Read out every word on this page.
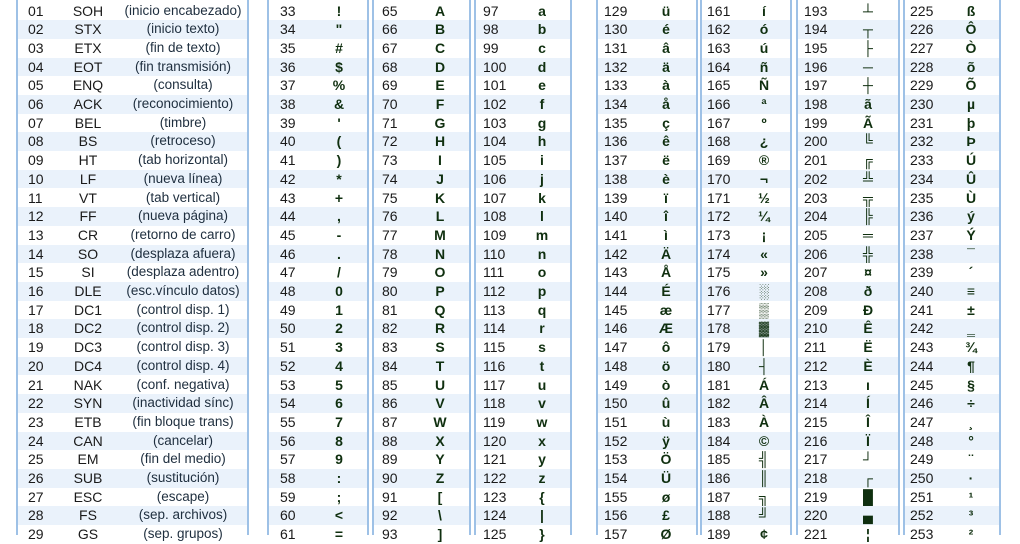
01	SOH	(inicio encabezado)
02	STX	(inicio texto)
03	ETX	(fin de texto)
04	EOT	(fin transmisión)
05	ENQ	(consulta)
06	ACK	(reconocimiento)
07	BEL	(timbre)
08	BS	(retroceso)
09	HT	(tab horizontal)
10	LF	(nueva línea)
11	VT	(tab vertical)
12	FF	(nueva página)
13	CR	(retorno de carro)
14	SO	(desplaza afuera)
15	SI	(desplaza adentro)
16	DLE	(esc.vínculo datos)
17	DC1	(control disp. 1)
18	DC2	(control disp. 2)
19	DC3	(control disp. 3)
20	DC4	(control disp. 4)
21	NAK	(conf. negativa)
22	SYN	(inactividad sínc)
23	ETB	(fin bloque trans)
24	CAN	(cancelar)
25	EM	(fin del medio)
26	SUB	(sustitución)
27	ESC	(escape)
28	FS	(sep. archivos)
29	GS	(sep. grupos)
33	!
34	"
35	#
36	$
37	%
38	&
39	'
40	(
41	)
42	*
43	+
44	,
45	-
46	.
47	/
48	0
49	1
50	2
51	3
52	4
53	5
54	6
55	7
56	8
57	9
58	:
59	;
60	<
61	=
65	A
66	B
67	C
68	D
69	E
70	F
71	G
72	H
73	I
74	J
75	K
76	L
77	M
78	N
79	O
80	P
81	Q
82	R
83	S
84	T
85	U
86	V
87	W
88	X
89	Y
90	Z
91	[
92	\
93	]
97	a
98	b
99	c
100	d
101	e
102	f
103	g
104	h
105	i
106	j
107	k
108	l
109	m
110	n
111	o
112	p
113	q
114	r
115	s
116	t
117	u
118	v
119	w
120	x
121	y
122	z
123	{
124	|
125	}
129	ü
130	é
131	â
132	ä
133	à
134	å
135	ç
136	ê
137	ë
138	è
139	ï
140	î
141	ì
142	Ä
143	Å
144	É
145	æ
146	Æ
147	ô
148	ö
149	ò
150	û
151	ù
152	ÿ
153	Ö
154	Ü
155	ø
156	£
157	Ø
161	í
162	ó
163	ú
164	ñ
165	Ñ
166	ª
167	º
168	¿
169	®
170	¬
171	½
172	¼
173	¡
174	«
175	»
176	░
177	▒
178	▓
179	│
180	┤
181	Á
182	Â
183	À
184	©
185	╣
186	║
187	╗
188	╝
189	¢
193	┴
194	┬
195	├
196	─
197	┼
198	ã
199	Ã
200	╚
201	╔
202	╩
203	╦
204	╠
205	═
206	╬
207	¤
208	ð
209	Ð
210	Ê
211	Ë
212	È
213	ı
214	Í
215	Î
216	Ï
217	┘
218	┌
219	█
220	▄
221	¦
225	ß
226	Ô
227	Ò
228	õ
229	Õ
230	µ
231	þ
232	Þ
233	Ú
234	Û
235	Ù
236	ý
237	Ý
238	¯
239	´
240	≡
241	±
242	‗
243	¾
244	¶
245	§
246	÷
247	¸
248	°
249	¨
250	·
251	¹
252	³
253	²
